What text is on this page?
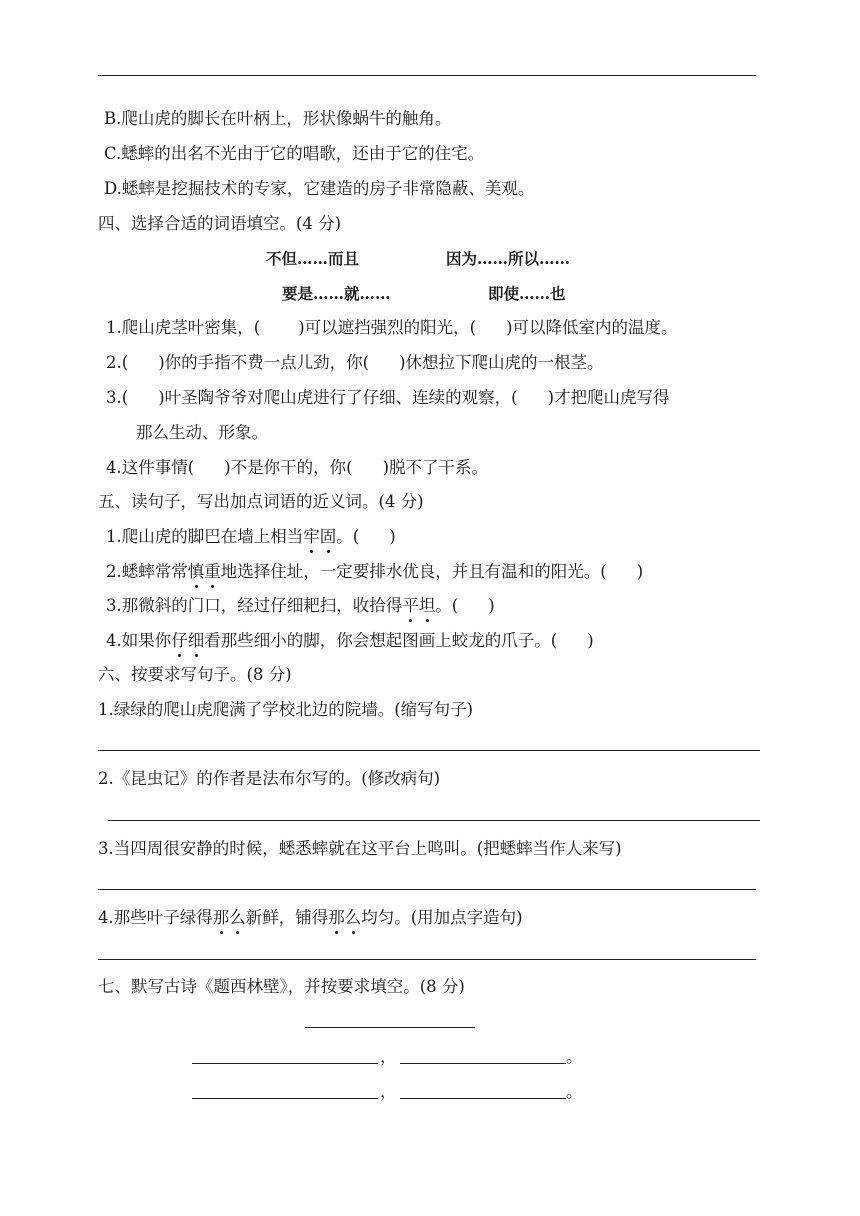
B.爬山虎的脚长在叶柄上，形状像蜗牛的触角。
C.蟋蟀的出名不光由于它的唱歌，还由于它的住宅。
D.蟋蟀是挖掘技术的专家，它建造的房子非常隐蔽、美观。
四、选择合适的词语填空。(4 分)
不但……而且	因为……所以……
要是……就……	即使……也
1.爬山虎茎叶密集，( )可以遮挡强烈的阳光，( )可以降低室内的温度。
2.( )你的手指不费一点儿劲，你( )休想拉下爬山虎的一根茎。
3.( )叶圣陶爷爷对爬山虎进行了仔细、连续的观察，( )才把爬山虎写得
那么生动、形象。
4.这件事情( )不是你干的，你( )脱不了干系。
五、读句子，写出加点词语的近义词。(4 分)
1.爬山虎的脚巴在墙上相当牢固。( )
2.蟋蟀常常慎重地选择住址，一定要排水优良，并且有温和的阳光。( )
3.那微斜的门口，经过仔细耙扫，收拾得平坦。( )
4.如果你仔细看那些细小的脚，你会想起图画上蛟龙的爪子。( )
六、按要求写句子。(8 分)
1.绿绿的爬山虎爬满了学校北边的院墙。(缩写句子)
2.《昆虫记》的作者是法布尔写的。(修改病句)
3.当四周很安静的时候，蟋悉蟀就在这平台上鸣叫。(把蟋蟀当作人来写)
4.那些叶子绿得那么新鲜，铺得那么均匀。(用加点字造句)
七、默写古诗《题西林壁》，并按要求填空。(8 分)
，	。
，	。
